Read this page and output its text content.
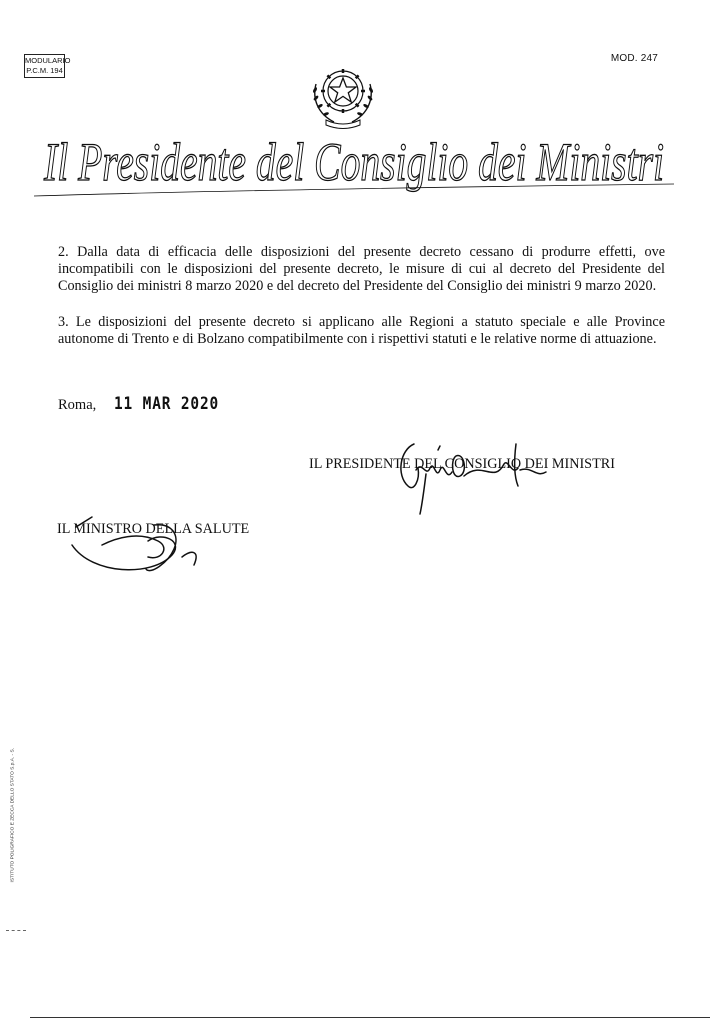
MODULARIO
P.C.M. 194
MOD. 247
Il Presidente del Consiglio dei Ministri

2. Dalla data di efficacia delle disposizioni del presente decreto cessano di produrre effetti, ove incompatibili con le disposizioni del presente decreto, le misure di cui al decreto del Presidente del Consiglio dei ministri 8 marzo 2020 e del decreto del Presidente del Consiglio dei ministri 9 marzo 2020.

3. Le disposizioni del presente decreto si applicano alle Regioni a statuto speciale e alle Province autonome di Trento e di Bolzano compatibilmente con i rispettivi statuti e le relative norme di attuazione.

Roma, 11 MAR 2020
IL PRESIDENTE DEL CONSIGLIO DEI MINISTRI
IL MINISTRO DELLA SALUTE
ISTITUTO POLIGRAFICO E ZECCA DELLO STATO S.p.A. - S.
